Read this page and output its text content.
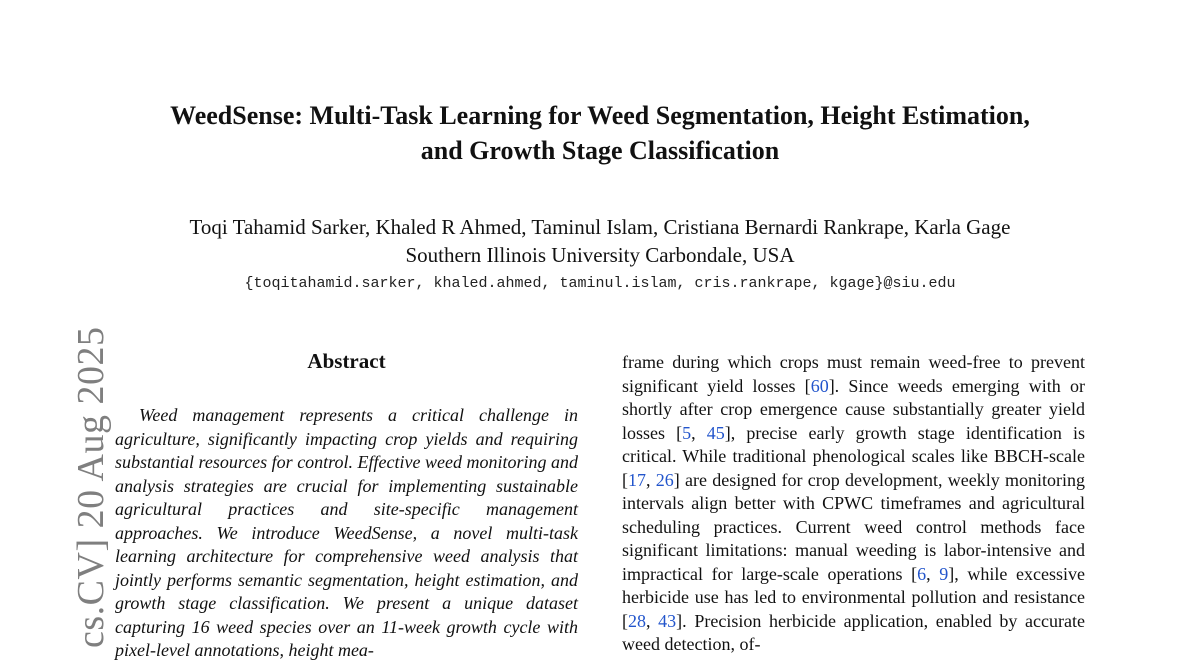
cs.CV] 20 Aug 2025
WeedSense: Multi-Task Learning for Weed Segmentation, Height Estimation,
and Growth Stage Classification
Toqi Tahamid Sarker, Khaled R Ahmed, Taminul Islam, Cristiana Bernardi Rankrape, Karla Gage
Southern Illinois University Carbondale, USA
{toqitahamid.sarker, khaled.ahmed, taminul.islam, cris.rankrape, kgage}@siu.edu
Abstract

Weed management represents a critical challenge in agriculture, significantly impacting crop yields and requiring substantial resources for control. Effective weed monitoring and analysis strategies are crucial for implementing sustainable agricultural practices and site-specific management approaches. We introduce WeedSense, a novel multi-task learning architecture for comprehensive weed analysis that jointly performs semantic segmentation, height estimation, and growth stage classification. We present a unique dataset capturing 16 weed species over an 11-week growth cycle with pixel-level annotations, height mea-

frame during which crops must remain weed-free to prevent significant yield losses [60]. Since weeds emerging with or shortly after crop emergence cause substantially greater yield losses [5, 45], precise early growth stage identification is critical. While traditional phenological scales like BBCH-scale [17, 26] are designed for crop development, weekly monitoring intervals align better with CPWC timeframes and agricultural scheduling practices. Current weed control methods face significant limitations: manual weeding is labor-intensive and impractical for large-scale operations [6, 9], while excessive herbicide use has led to environmental pollution and resistance [28, 43]. Precision herbicide application, enabled by accurate weed detection, of-
